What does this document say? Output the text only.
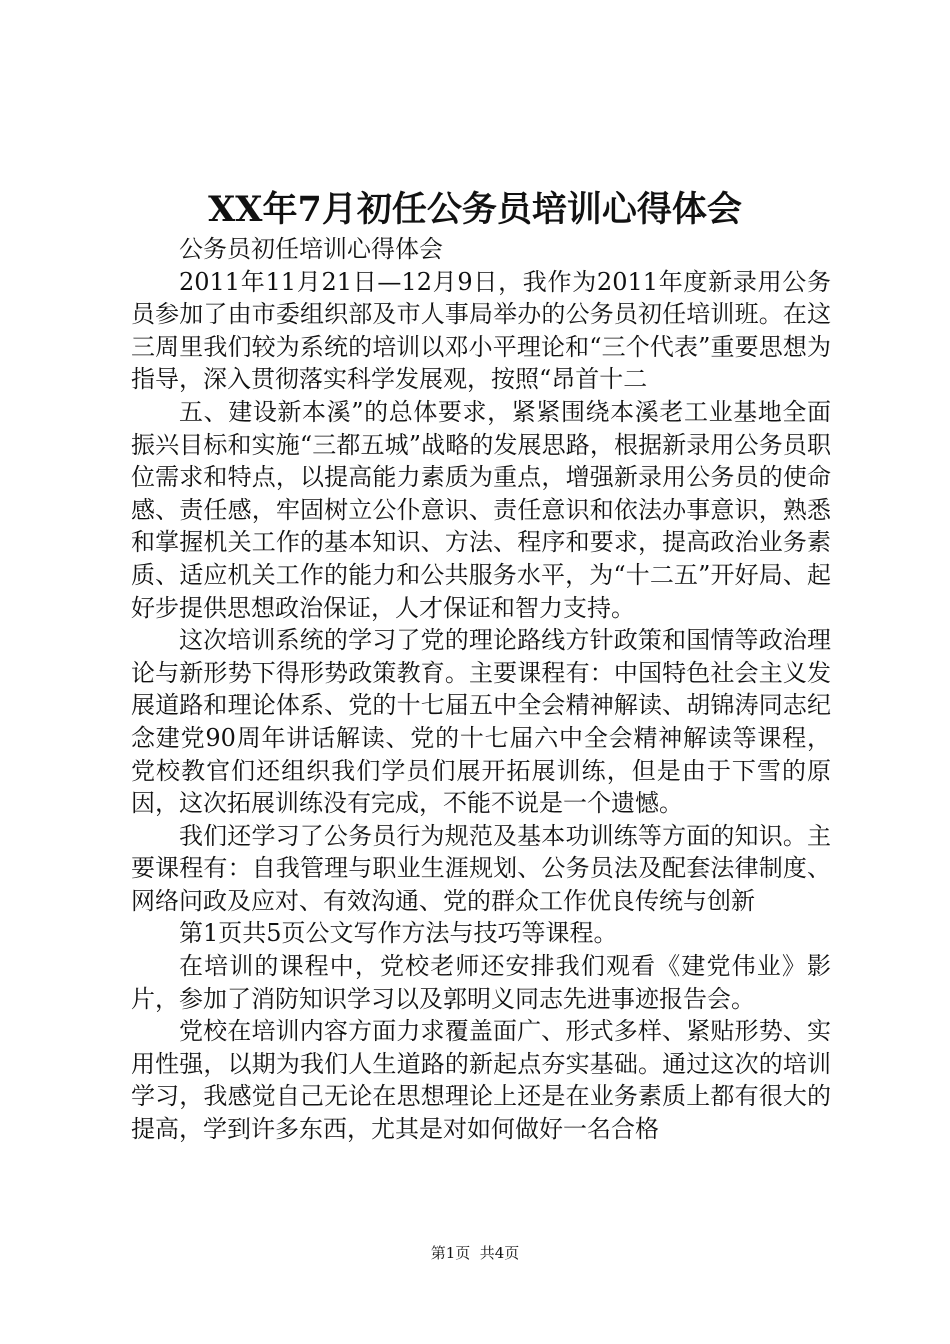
XX年7月初任公务员培训心得体会

公务员初任培训心得体会

2011年11月21日—12月9日，我作为2011年度新录用公务员参加了由市委组织部及市人事局举办的公务员初任培训班。在这三周里我们较为系统的培训以邓小平理论和“三个代表”重要思想为指导，深入贯彻落实科学发展观，按照“昂首十二

五、建设新本溪”的总体要求，紧紧围绕本溪老工业基地全面振兴目标和实施“三都五城”战略的发展思路，根据新录用公务员职位需求和特点，以提高能力素质为重点，增强新录用公务员的使命感、责任感，牢固树立公仆意识、责任意识和依法办事意识，熟悉和掌握机关工作的基本知识、方法、程序和要求，提高政治业务素质、适应机关工作的能力和公共服务水平，为“十二五”开好局、起好步提供思想政治保证，人才保证和智力支持。

这次培训系统的学习了党的理论路线方针政策和国情等政治理论与新形势下得形势政策教育。主要课程有：中国特色社会主义发展道路和理论体系、党的十七届五中全会精神解读、胡锦涛同志纪念建党90周年讲话解读、党的十七届六中全会精神解读等课程，党校教官们还组织我们学员们展开拓展训练，但是由于下雪的原因，这次拓展训练没有完成，不能不说是一个遗憾。

我们还学习了公务员行为规范及基本功训练等方面的知识。主要课程有：自我管理与职业生涯规划、公务员法及配套法律制度、网络问政及应对、有效沟通、党的群众工作优良传统与创新

第1页共5页公文写作方法与技巧等课程。

在培训的课程中，党校老师还安排我们观看《建党伟业》影片，参加了消防知识学习以及郭明义同志先进事迹报告会。

党校在培训内容方面力求覆盖面广、形式多样、紧贴形势、实用性强，以期为我们人生道路的新起点夯实基础。通过这次的培训学习，我感觉自己无论在思想理论上还是在业务素质上都有很大的提高，学到许多东西，尤其是对如何做好一名合格

第1页  共4页
